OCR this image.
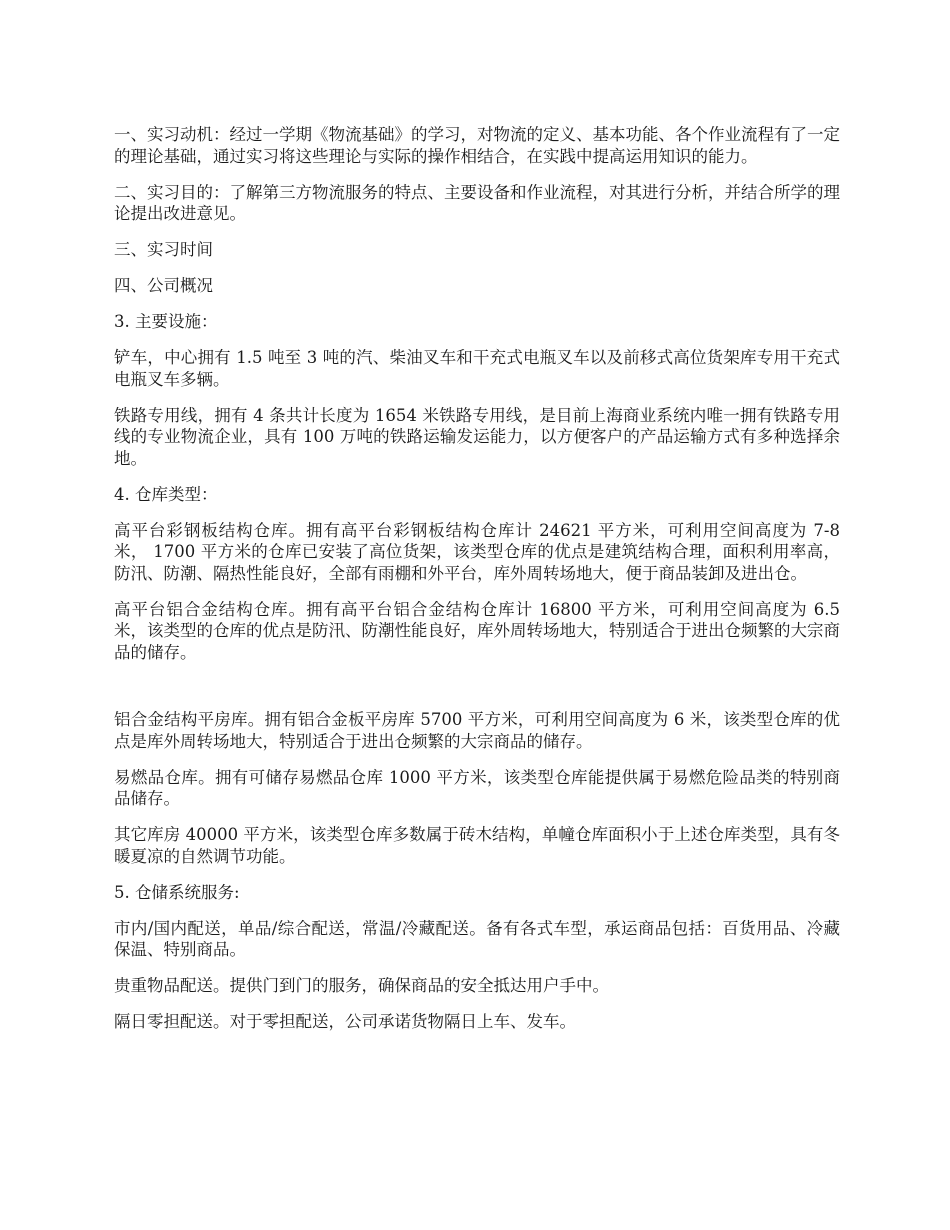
一、实习动机：经过一学期《物流基础》的学习，对物流的定义、基本功能、各个作业流程有了一定的理论基础，通过实习将这些理论与实际的操作相结合，在实践中提高运用知识的能力。

二、实习目的：了解第三方物流服务的特点、主要设备和作业流程，对其进行分析，并结合所学的理论提出改进意见。

三、实习时间

四、公司概况

3. 主要设施：

铲车，中心拥有 1.5 吨至 3 吨的汽、柴油叉车和干充式电瓶叉车以及前移式高位货架库专用干充式电瓶叉车多辆。

铁路专用线，拥有 4 条共计长度为 1654 米铁路专用线，是目前上海商业系统内唯一拥有铁路专用线的专业物流企业，具有 100 万吨的铁路运输发运能力，以方便客户的产品运输方式有多种选择余地。

4. 仓库类型：

高平台彩钢板结构仓库。拥有高平台彩钢板结构仓库计 24621 平方米，可利用空间高度为 7-8 米， 1700 平方米的仓库已安装了高位货架，该类型仓库的优点是建筑结构合理，面积利用率高，防汛、防潮、隔热性能良好，全部有雨棚和外平台，库外周转场地大，便于商品装卸及进出仓。

高平台铝合金结构仓库。拥有高平台铝合金结构仓库计 16800 平方米，可利用空间高度为 6.5 米，该类型的仓库的优点是防汛、防潮性能良好，库外周转场地大，特别适合于进出仓频繁的大宗商品的储存。

铝合金结构平房库。拥有铝合金板平房库 5700 平方米，可利用空间高度为 6 米，该类型仓库的优点是库外周转场地大，特别适合于进出仓频繁的大宗商品的储存。

易燃品仓库。拥有可储存易燃品仓库 1000 平方米，该类型仓库能提供属于易燃危险品类的特别商品储存。

其它库房 40000 平方米，该类型仓库多数属于砖木结构，单幢仓库面积小于上述仓库类型，具有冬暖夏凉的自然调节功能。

5. 仓储系统服务:

市内/国内配送，单品/综合配送，常温/冷藏配送。备有各式车型，承运商品包括：百货用品、冷藏保温、特别商品。

贵重物品配送。提供门到门的服务，确保商品的安全抵达用户手中。

隔日零担配送。对于零担配送，公司承诺货物隔日上车、发车。
